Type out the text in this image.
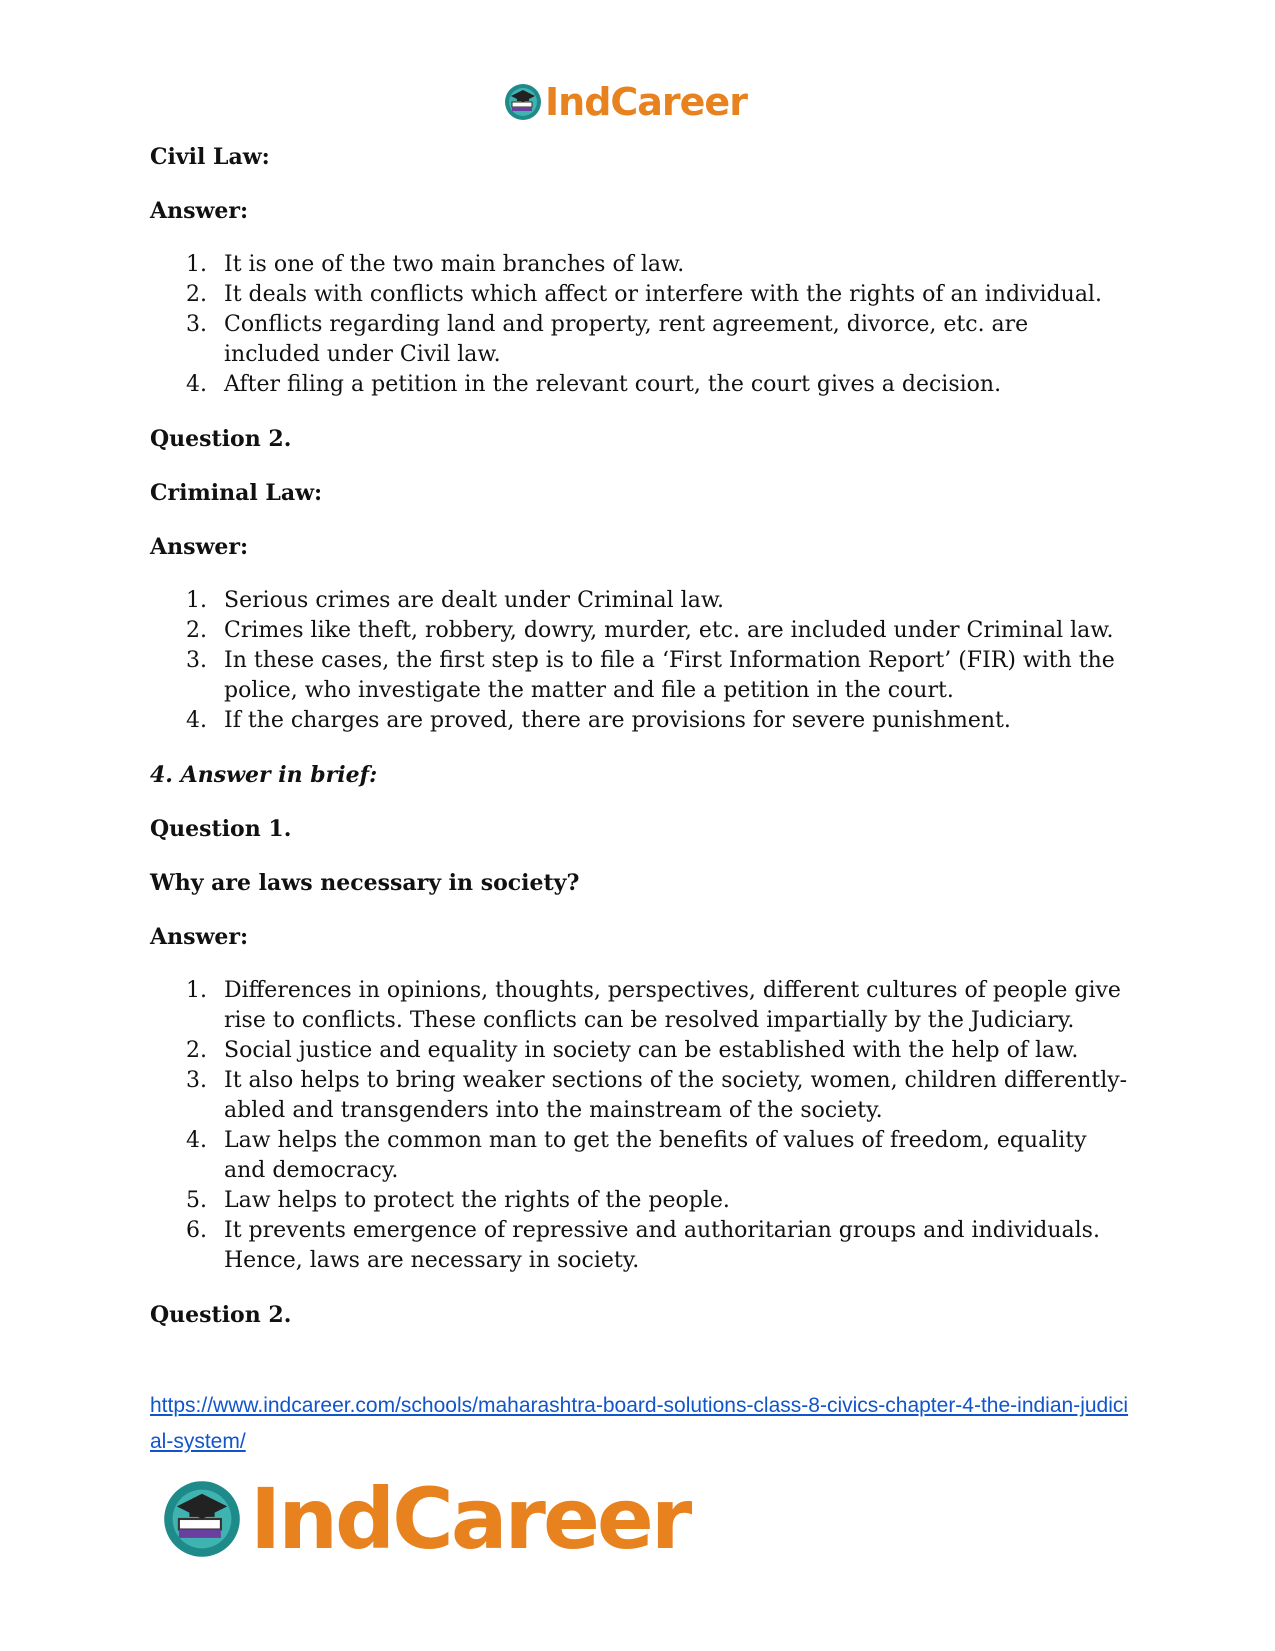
IndCareer

Civil Law:

Answer:

1. It is one of the two main branches of law.
2. It deals with conflicts which affect or interfere with the rights of an individual.
3. Conflicts regarding land and property, rent agreement, divorce, etc. are included under Civil law.
4. After filing a petition in the relevant court, the court gives a decision.

Question 2.

Criminal Law:

Answer:

1. Serious crimes are dealt under Criminal law.
2. Crimes like theft, robbery, dowry, murder, etc. are included under Criminal law.
3. In these cases, the first step is to file a ‘First Information Report’ (FIR) with the police, who investigate the matter and file a petition in the court.
4. If the charges are proved, there are provisions for severe punishment.

4. Answer in brief:

Question 1.

Why are laws necessary in society?

Answer:

1. Differences in opinions, thoughts, perspectives, different cultures of people give rise to conflicts. These conflicts can be resolved impartially by the Judiciary.
2. Social justice and equality in society can be established with the help of law.
3. It also helps to bring weaker sections of the society, women, children differently-abled and transgenders into the mainstream of the society.
4. Law helps the common man to get the benefits of values of freedom, equality and democracy.
5. Law helps to protect the rights of the people.
6. It prevents emergence of repressive and authoritarian groups and individuals.
Hence, laws are necessary in society.

Question 2.

https://www.indcareer.com/schools/maharashtra-board-solutions-class-8-civics-chapter-4-the-indian-judicial-system/
IndCareer
